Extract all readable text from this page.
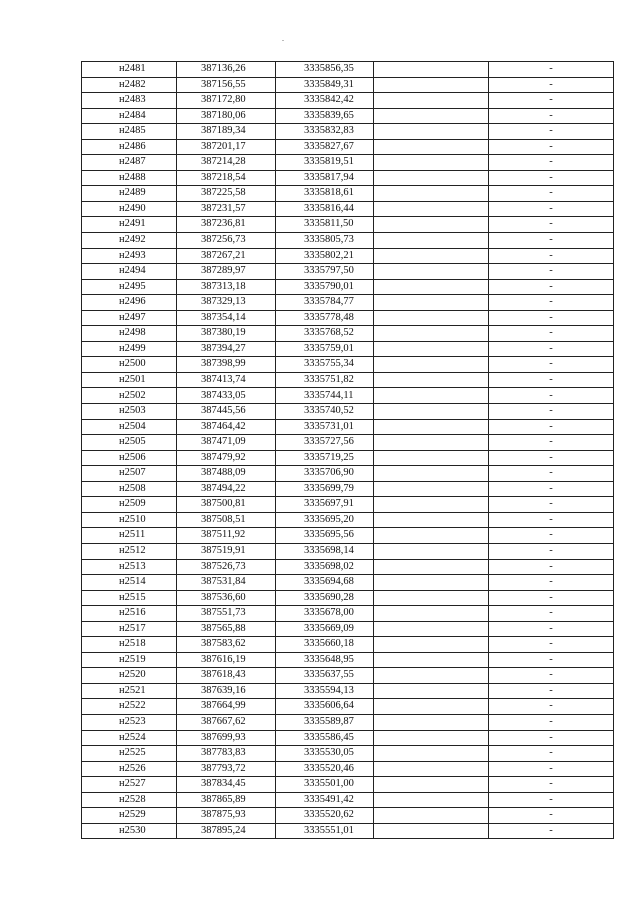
н2481	387136,26	3335856,35		-
н2482	387156,55	3335849,31		-
н2483	387172,80	3335842,42		-
н2484	387180,06	3335839,65		-
н2485	387189,34	3335832,83		-
н2486	387201,17	3335827,67		-
н2487	387214,28	3335819,51		-
н2488	387218,54	3335817,94		-
н2489	387225,58	3335818,61		-
н2490	387231,57	3335816,44		-
н2491	387236,81	3335811,50		-
н2492	387256,73	3335805,73		-
н2493	387267,21	3335802,21		-
н2494	387289,97	3335797,50		-
н2495	387313,18	3335790,01		-
н2496	387329,13	3335784,77		-
н2497	387354,14	3335778,48		-
н2498	387380,19	3335768,52		-
н2499	387394,27	3335759,01		-
н2500	387398,99	3335755,34		-
н2501	387413,74	3335751,82		-
н2502	387433,05	3335744,11		-
н2503	387445,56	3335740,52		-
н2504	387464,42	3335731,01		-
н2505	387471,09	3335727,56		-
н2506	387479,92	3335719,25		-
н2507	387488,09	3335706,90		-
н2508	387494,22	3335699,79		-
н2509	387500,81	3335697,91		-
н2510	387508,51	3335695,20		-
н2511	387511,92	3335695,56		-
н2512	387519,91	3335698,14		-
н2513	387526,73	3335698,02		-
н2514	387531,84	3335694,68		-
н2515	387536,60	3335690,28		-
н2516	387551,73	3335678,00		-
н2517	387565,88	3335669,09		-
н2518	387583,62	3335660,18		-
н2519	387616,19	3335648,95		-
н2520	387618,43	3335637,55		-
н2521	387639,16	3335594,13		-
н2522	387664,99	3335606,64		-
н2523	387667,62	3335589,87		-
н2524	387699,93	3335586,45		-
н2525	387783,83	3335530,05		-
н2526	387793,72	3335520,46		-
н2527	387834,45	3335501,00		-
н2528	387865,89	3335491,42		-
н2529	387875,93	3335520,62		-
н2530	387895,24	3335551,01		-
